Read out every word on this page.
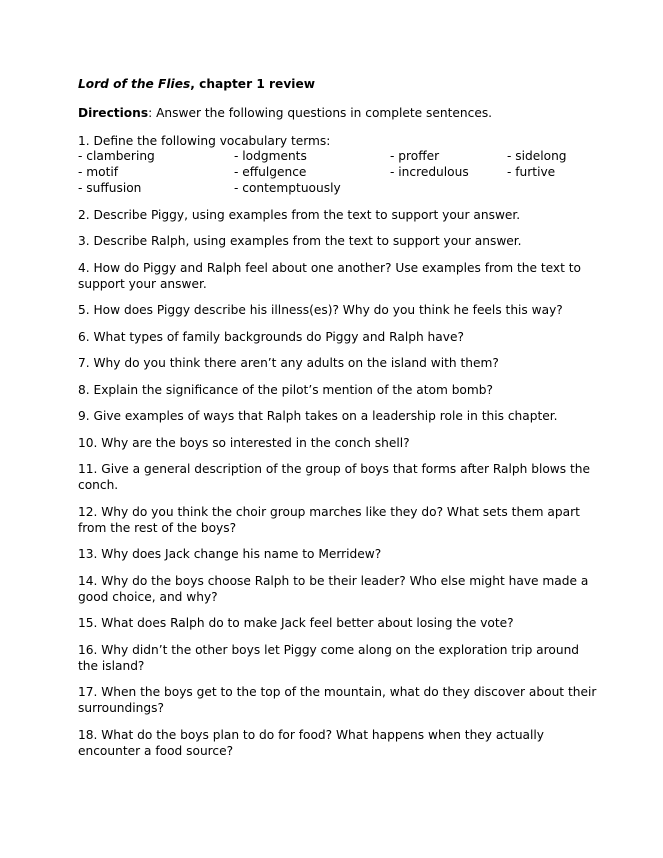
Lord of the Flies, chapter 1 review
Directions: Answer the following questions in complete sentences.
1. Define the following vocabulary terms:
- clambering	- lodgments	- proffer	- sidelong
- motif	- effulgence	- incredulous	- furtive
- suffusion	- contemptuously
2. Describe Piggy, using examples from the text to support your answer.
3. Describe Ralph, using examples from the text to support your answer.
4. How do Piggy and Ralph feel about one another? Use examples from the text to support your answer.
5. How does Piggy describe his illness(es)? Why do you think he feels this way?
6. What types of family backgrounds do Piggy and Ralph have?
7. Why do you think there aren’t any adults on the island with them?
8. Explain the significance of the pilot’s mention of the atom bomb?
9. Give examples of ways that Ralph takes on a leadership role in this chapter.
10. Why are the boys so interested in the conch shell?
11. Give a general description of the group of boys that forms after Ralph blows the conch.
12. Why do you think the choir group marches like they do? What sets them apart from the rest of the boys?
13. Why does Jack change his name to Merridew?
14. Why do the boys choose Ralph to be their leader? Who else might have made a good choice, and why?
15. What does Ralph do to make Jack feel better about losing the vote?
16. Why didn’t the other boys let Piggy come along on the exploration trip around the island?
17. When the boys get to the top of the mountain, what do they discover about their surroundings?
18. What do the boys plan to do for food? What happens when they actually encounter a food source?
